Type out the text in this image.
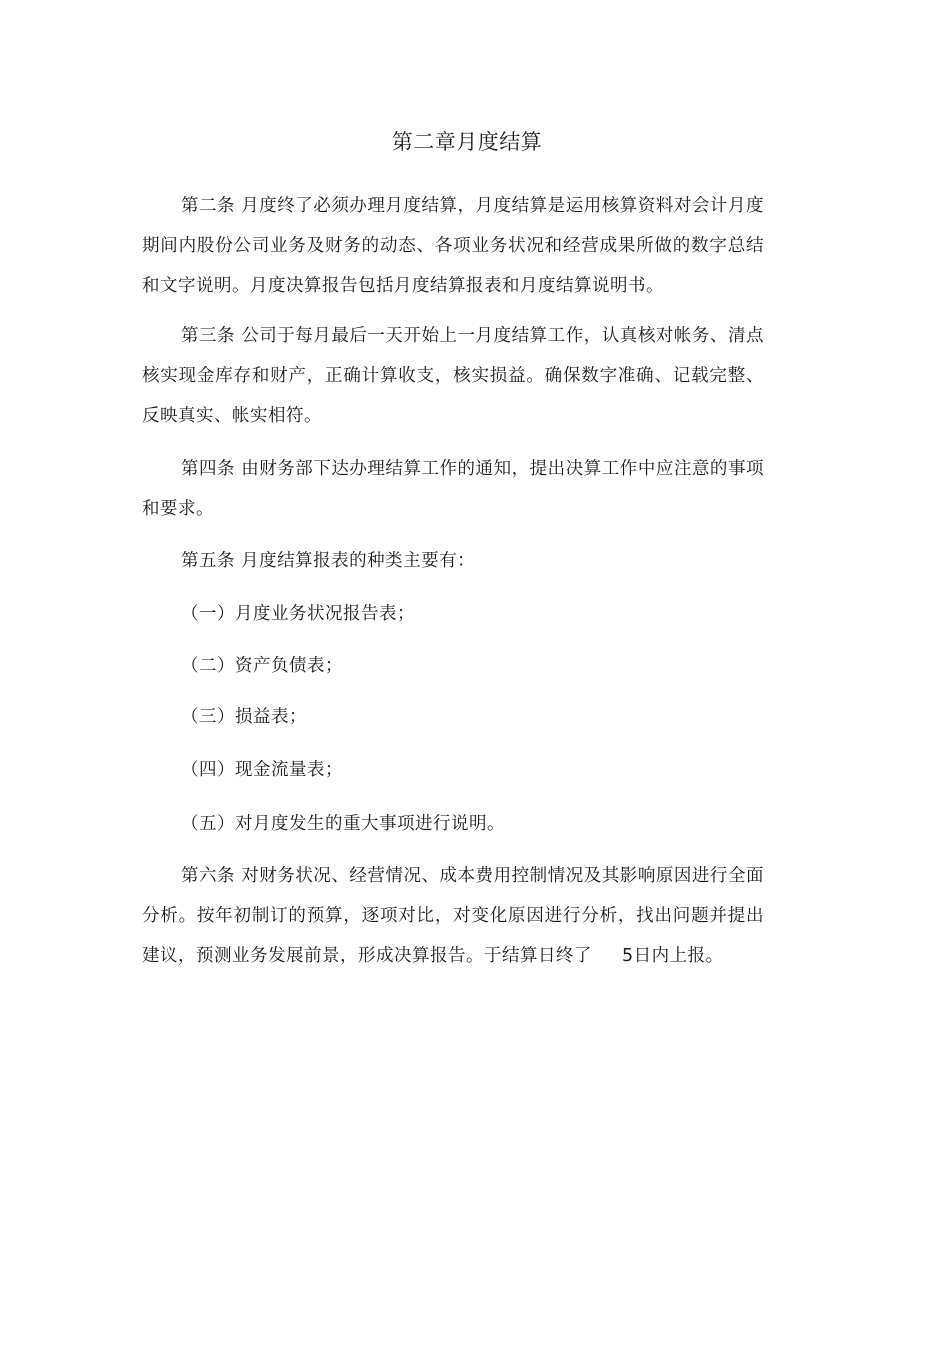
第二章月度结算

第二条 月度终了必须办理月度结算，月度结算是运用核算资料对会计月度期间内股份公司业务及财务的动态、各项业务状况和经营成果所做的数字总结和文字说明。月度决算报告包括月度结算报表和月度结算说明书。

第三条 公司于每月最后一天开始上一月度结算工作，认真核对帐务、清点核实现金库存和财产，正确计算收支，核实损益。确保数字准确、记载完整、反映真实、帐实相符。

第四条 由财务部下达办理结算工作的通知，提出决算工作中应注意的事项和要求。

第五条 月度结算报表的种类主要有：

（一）月度业务状况报告表；

（二）资产负债表；

（三）损益表；

（四）现金流量表；

（五）对月度发生的重大事项进行说明。

第六条 对财务状况、经营情况、成本费用控制情况及其影响原因进行全面分析。按年初制订的预算，逐项对比，对变化原因进行分析，找出问题并提出建议，预测业务发展前景，形成决算报告。于结算日终了 5日内上报。
